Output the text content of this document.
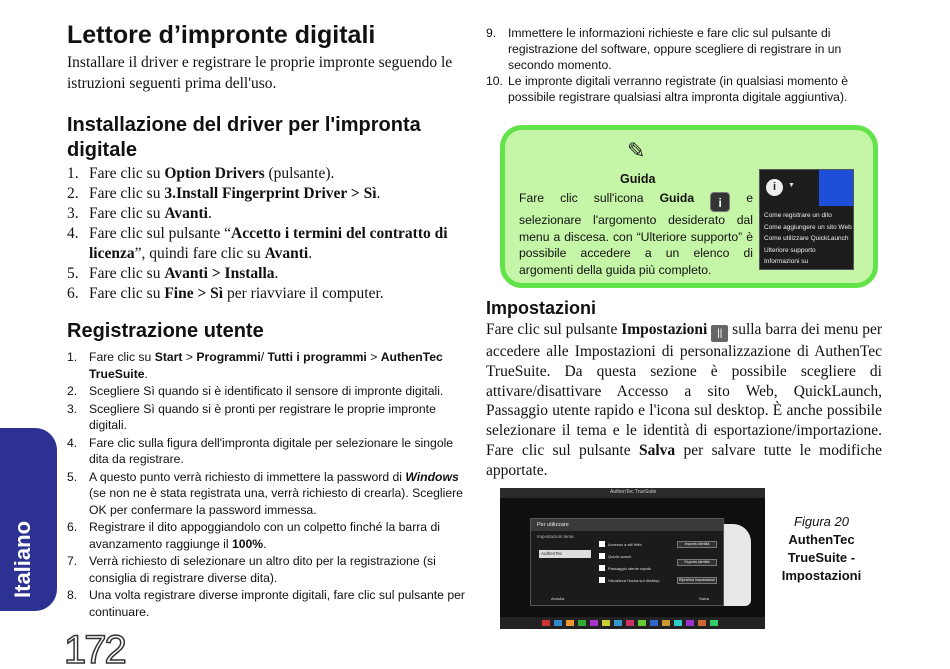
Italiano
172
Lettore d’impronte digitali

Installare il driver e registrare le proprie impronte seguendo le istruzioni seguenti prima dell'uso.

Installazione del driver per l'impronta digitale
1. Fare clic su Option Drivers (pulsante).
2. Fare clic su 3.Install Fingerprint Driver > Sì.
3. Fare clic su Avanti.
4. Fare clic sul pulsante “Accetto i termini del contratto di licenza”, quindi fare clic su Avanti.
5. Fare clic su Avanti > Installa.
6. Fare clic su Fine > Sì per riavviare il computer.
Registrazione utente
1. Fare clic su Start > Programmi/ Tutti i programmi > AuthenTec TrueSuite.
2. Scegliere Sì quando si è identificato il sensore di impronte digitali.
3. Scegliere Sì quando si è pronti per registrare le proprie impronte digitali.
4. Fare clic sulla figura dell'impronta digitale per selezionare le singole dita da registrare.
5. A questo punto verrà richiesto di immettere la password di Windows (se non ne è stata registrata una, verrà richiesto di crearla). Scegliere OK per confermare la password immessa.
6. Registrare il dito appoggiandolo con un colpetto finché la barra di avanzamento raggiunge il 100%.
7. Verrà richiesto di selezionare un altro dito per la registrazione (si consiglia di registrare diverse dita).
8. Una volta registrare diverse impronte digitali, fare clic sul pulsante per continuare.
9. Immettere le informazioni richieste e fare clic sul pulsante di registrazione del software, oppure scegliere di registrare in un secondo momento.
10. Le impronte digitali verranno registrate (in qualsiasi momento è possibile registrare qualsiasi altra impronta digitale aggiuntiva).
✎
Guida
Fare clic sull'icona Guida i e selezionare l'argomento desiderato dal menu a discesa. con “Ulteriore supporto” è possibile accedere a un elenco di argomenti della guida più completo.
i	▼
Come registrare un dito
Come aggiungere un sito Web
Come utilizzare QuickLaunch
Ulteriore supporto
Informazioni su
Impostazioni

Fare clic sul pulsante Impostazioni || sulla barra dei menu per accedere alle Impostazioni di personalizzazione di AuthenTec TrueSuite. Da questa sezione è possibile scegliere di attivare/disattivare Accesso a sito Web, QuickLaunch, Passaggio utente rapido e l'icona sul desktop. È anche possibile selezionare il tema e le identità di esportazione/importazione. Fare clic sul pulsante Salva per salvare tutte le modifiche apportate.

AuthenTec TrueSuite
Per utilizzare
Impostazioni tema
AuthenTec
Accesso a siti Web
QuickLaunch
Passaggio utente rapido
Visualizza l'icona sul desktop
Importa identità
Esporta identità
Ripristina impostazioni
Annulla	Salva
Figura 20
AuthenTec TrueSuite - Impostazioni
